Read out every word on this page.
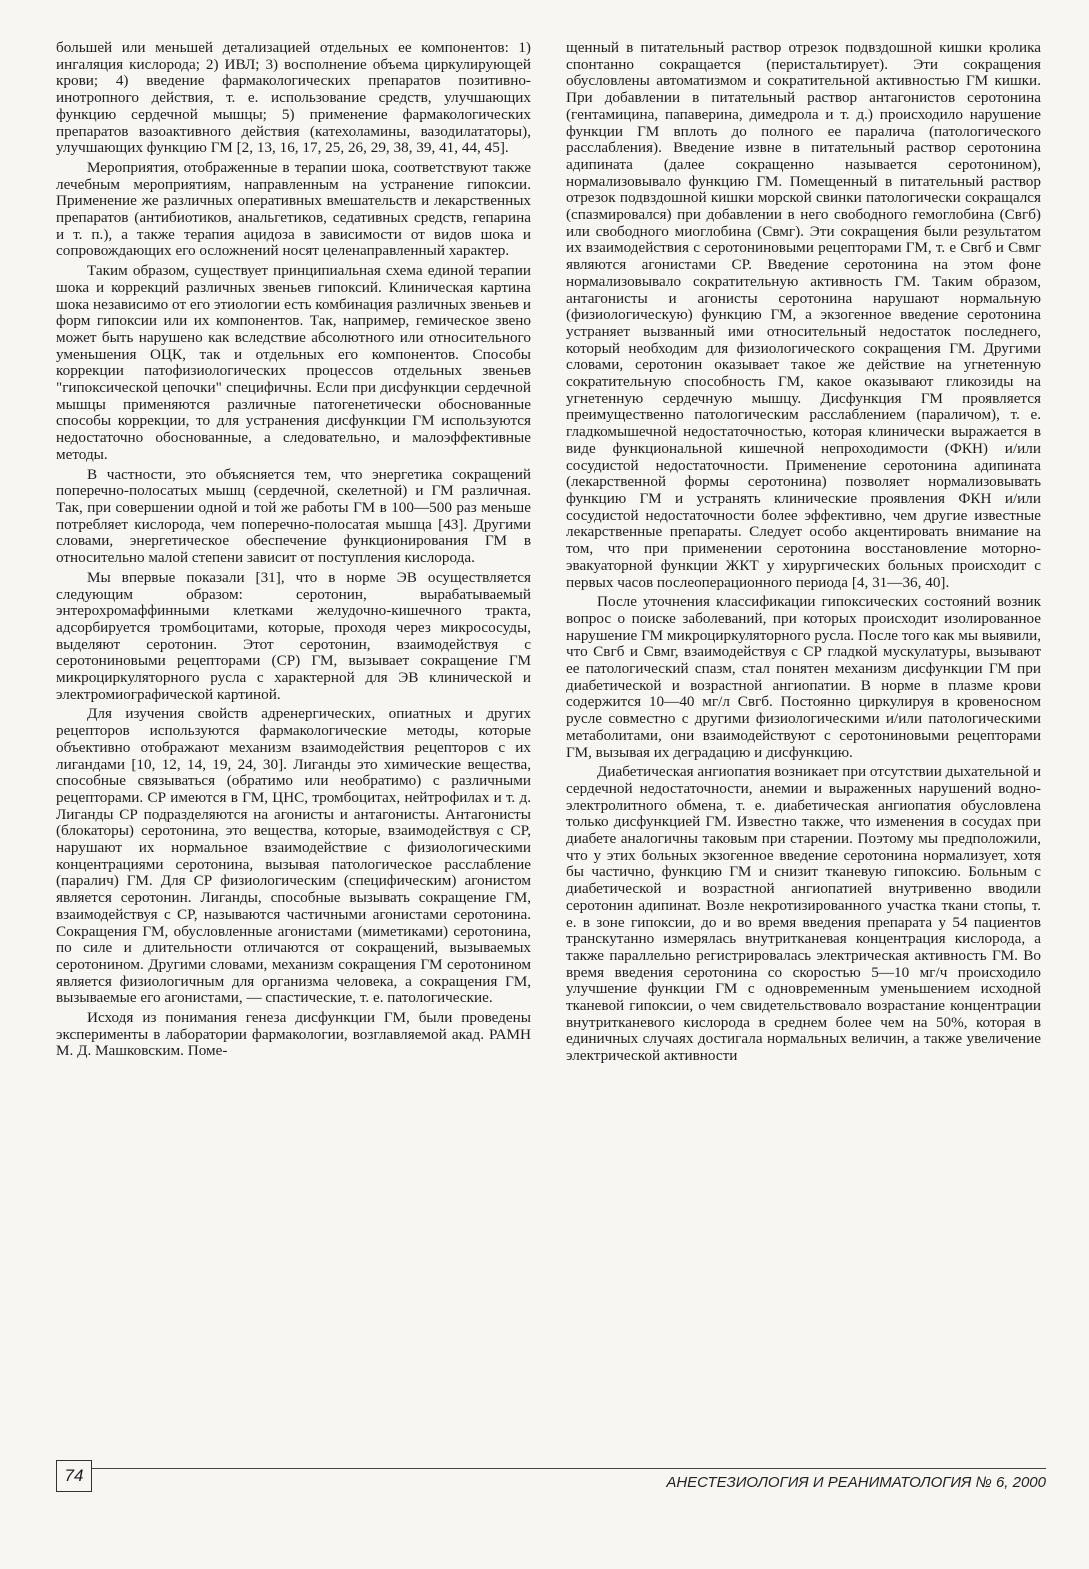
большей или меньшей детализацией отдельных ее компонентов: 1) ингаляция кислорода; 2) ИВЛ; 3) восполнение объема циркулирующей крови; 4) введение фармакологических препаратов позитивно-инотропного действия, т. е. использование средств, улучшающих функцию сердечной мышцы; 5) применение фармакологических препаратов вазоактивного действия (катехоламины, вазодилататоры), улучшающих функцию ГМ [2, 13, 16, 17, 25, 26, 29, 38, 39, 41, 44, 45].

Мероприятия, отображенные в терапии шока, соответствуют также лечебным мероприятиям, направленным на устранение гипоксии. Применение же различных оперативных вмешательств и лекарственных препаратов (антибиотиков, анальгетиков, седативных средств, гепарина и т. п.), а также терапия ацидоза в зависимости от видов шока и сопровождающих его осложнений носят целенаправленный характер.

Таким образом, существует принципиальная схема единой терапии шока и коррекций различных звеньев гипоксий. Клиническая картина шока независимо от его этиологии есть комбинация различных звеньев и форм гипоксии или их компонентов. Так, например, гемическое звено может быть нарушено как вследствие абсолютного или относительного уменьшения ОЦК, так и отдельных его компонентов. Способы коррекции патофизиологических процессов отдельных звеньев "гипоксической цепочки" специфичны. Если при дисфункции сердечной мышцы применяются различные патогенетически обоснованные способы коррекции, то для устранения дисфункции ГМ используются недостаточно обоснованные, а следовательно, и малоэффективные методы.

В частности, это объясняется тем, что энергетика сокращений поперечно-полосатых мышц (сердечной, скелетной) и ГМ различная. Так, при совершении одной и той же работы ГМ в 100—500 раз меньше потребляет кислорода, чем поперечно-полосатая мышца [43]. Другими словами, энергетическое обеспечение функционирования ГМ в относительно малой степени зависит от поступления кислорода.

Мы впервые показали [31], что в норме ЭВ осуществляется следующим образом: серотонин, вырабатываемый энтерохромаффинными клетками желудочно-кишечного тракта, адсорбируется тромбоцитами, которые, проходя через микрососуды, выделяют серотонин. Этот серотонин, взаимодействуя с серотониновыми рецепторами (СР) ГМ, вызывает сокращение ГМ микроциркуляторного русла с характерной для ЭВ клинической и электромиографической картиной.

Для изучения свойств адренергических, опиатных и других рецепторов используются фармакологические методы, которые объективно отображают механизм взаимодействия рецепторов с их лигандами [10, 12, 14, 19, 24, 30]. Лиганды это химические вещества, способные связываться (обратимо или необратимо) с различными рецепторами. СР имеются в ГМ, ЦНС, тромбоцитах, нейтрофилах и т. д. Лиганды СР подразделяются на агонисты и антагонисты. Антагонисты (блокаторы) серотонина, это вещества, которые, взаимодействуя с СР, нарушают их нормальное взаимодействие с физиологическими концентрациями серотонина, вызывая патологическое расслабление (паралич) ГМ. Для СР физиологическим (специфическим) агонистом является серотонин. Лиганды, способные вызывать сокращение ГМ, взаимодействуя с СР, называются частичными агонистами серотонина. Сокращения ГМ, обусловленные агонистами (миметиками) серотонина, по силе и длительности отличаются от сокращений, вызываемых серотонином. Другими словами, механизм сокращения ГМ серотонином является физиологичным для организма человека, а сокращения ГМ, вызываемые его агонистами, — спастические, т. е. патологические.

Исходя из понимания генеза дисфункции ГМ, были проведены эксперименты в лаборатории фармакологии, возглавляемой акад. РАМН М. Д. Машковским. Поме-

щенный в питательный раствор отрезок подвздошной кишки кролика спонтанно сокращается (перистальтирует). Эти сокращения обусловлены автоматизмом и сократительной активностью ГМ кишки. При добавлении в питательный раствор антагонистов серотонина (гентамицина, папаверина, димедрола и т. д.) происходило нарушение функции ГМ вплоть до полного ее паралича (патологического расслабления). Введение извне в питательный раствор серотонина адипината (далее сокращенно называется серотонином), нормализовывало функцию ГМ. Помещенный в питательный раствор отрезок подвздошной кишки морской свинки патологически сокращался (спазмировался) при добавлении в него свободного гемоглобина (Свгб) или свободного миоглобина (Свмг). Эти сокращения были результатом их взаимодействия с серотониновыми рецепторами ГМ, т. е Свгб и Свмг являются агонистами СР. Введение серотонина на этом фоне нормализовывало сократительную активность ГМ. Таким образом, антагонисты и агонисты серотонина нарушают нормальную (физиологическую) функцию ГМ, а экзогенное введение серотонина устраняет вызванный ими относительный недостаток последнего, который необходим для физиологического сокращения ГМ. Другими словами, серотонин оказывает такое же действие на угнетенную сократительную способность ГМ, какое оказывают гликозиды на угнетенную сердечную мышцу. Дисфункция ГМ проявляется преимущественно патологическим расслаблением (параличом), т. е. гладкомышечной недостаточностью, которая клинически выражается в виде функциональной кишечной непроходимости (ФКН) и/или сосудистой недостаточности. Применение серотонина адипината (лекарственной формы серотонина) позволяет нормализовывать функцию ГМ и устранять клинические проявления ФКН и/или сосудистой недостаточности более эффективно, чем другие известные лекарственные препараты. Следует особо акцентировать внимание на том, что при применении серотонина восстановление моторно-эвакуаторной функции ЖКТ у хирургических больных происходит с первых часов послеоперационного периода [4, 31—36, 40].

После уточнения классификации гипоксических состояний возник вопрос о поиске заболеваний, при которых происходит изолированное нарушение ГМ микроциркуляторного русла. После того как мы выявили, что Свгб и Свмг, взаимодействуя с СР гладкой мускулатуры, вызывают ее патологический спазм, стал понятен механизм дисфункции ГМ при диабетической и возрастной ангиопатии. В норме в плазме крови содержится 10—40 мг/л Свгб. Постоянно циркулируя в кровеносном русле совместно с другими физиологическими и/или патологическими метаболитами, они взаимодействуют с серотониновыми рецепторами ГМ, вызывая их деградацию и дисфункцию.

Диабетическая ангиопатия возникает при отсутствии дыхательной и сердечной недостаточности, анемии и выраженных нарушений водно-электролитного обмена, т. е. диабетическая ангиопатия обусловлена только дисфункцией ГМ. Известно также, что изменения в сосудах при диабете аналогичны таковым при старении. Поэтому мы предположили, что у этих больных экзогенное введение серотонина нормализует, хотя бы частично, функцию ГМ и снизит тканевую гипоксию. Больным с диабетической и возрастной ангиопатией внутривенно вводили серотонин адипинат. Возле некротизированного участка ткани стопы, т. е. в зоне гипоксии, до и во время введения препарата у 54 пациентов транскутанно измерялась внутритканевая концентрация кислорода, а также параллельно регистрировалась электрическая активность ГМ. Во время введения серотонина со скоростью 5—10 мг/ч происходило улучшение функции ГМ с одновременным уменьшением исходной тканевой гипоксии, о чем свидетельствовало возрастание концентрации внутритканевого кислорода в среднем более чем на 50%, которая в единичных случаях достигала нормальных величин, а также увеличение электрической активности

74	АНЕСТЕЗИОЛОГИЯ И РЕАНИМАТОЛОГИЯ № 6, 2000
